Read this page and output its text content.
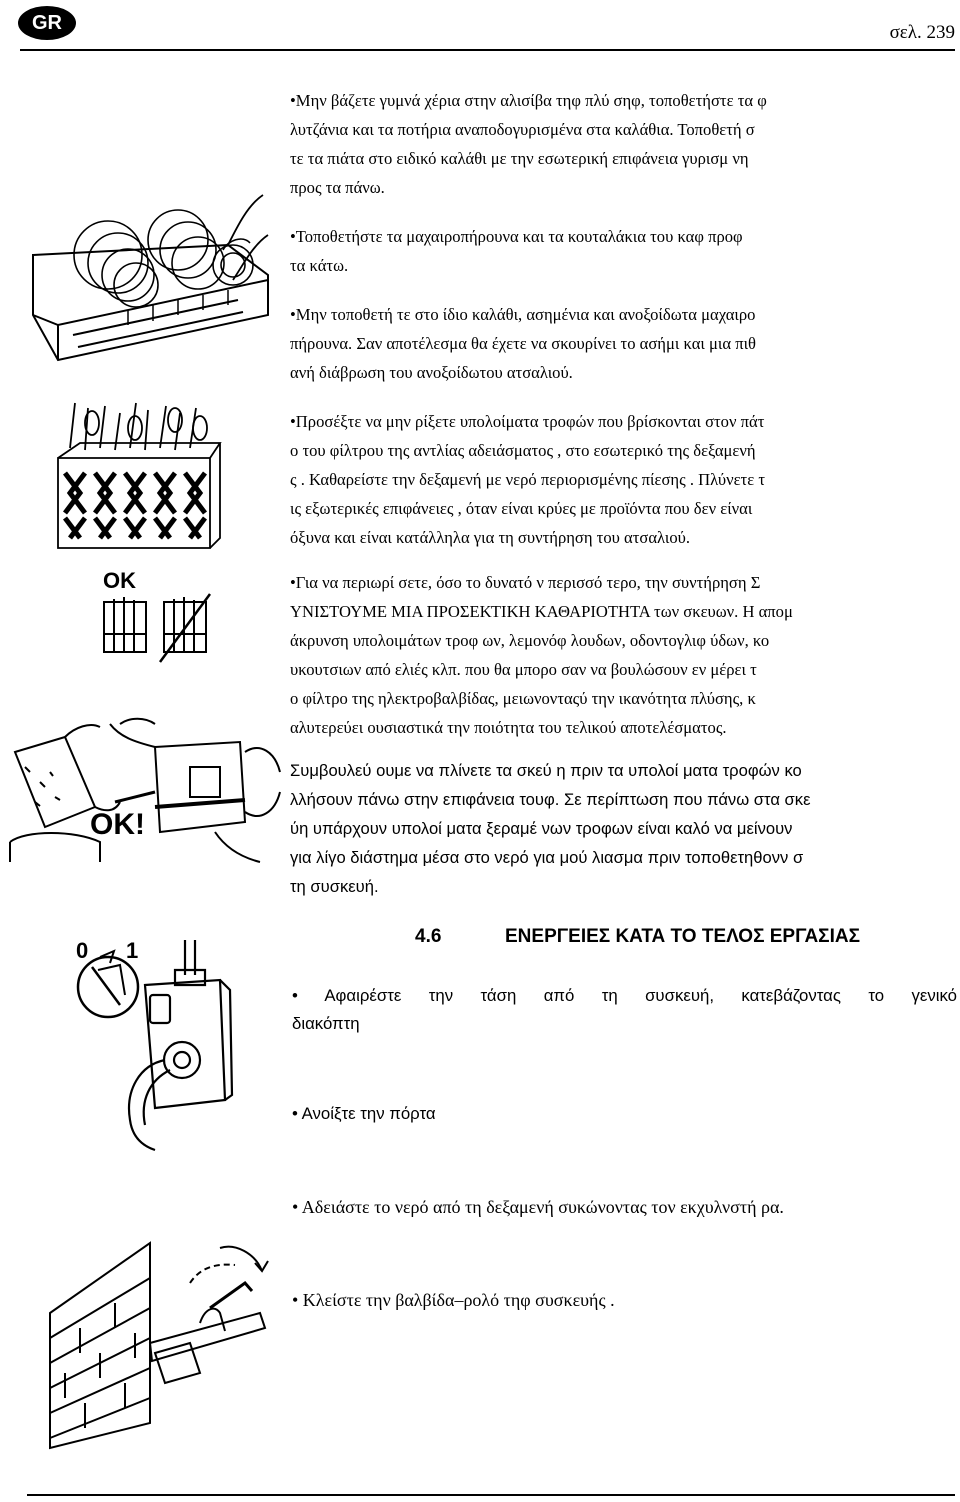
GR	σελ. 239
•Μην βάζετε γυμνά χέρια στην αλισίβα τηφ πλύ σηφ, τοποθετήστε τα φ
λυτζάνια και τα ποτήρια αναποδογυρισμένα στα καλάθια. Τοποθετή σ
τε τα πιάτα στο ειδικό καλάθι με την εσωτερική επιφάνεια γυρισμ νη
προς τα πάνω.
•Τοποθετήστε τα μαχαιροπήρουνα και τα κουταλάκια του καφ προφ
τα κάτω.
•Μην τοποθετή τε στο ίδιο καλάθι, ασημένια και ανοξοίδωτα μαχαιρο
πήρουνα. Σαν αποτέλεσμα θα έχετε να σκουρίνει το ασήμι και μια πιθ
ανή διάβρωση του ανοξοίδωτου ατσαλιού.
•Προσέξτε να μην ρίξετε υπολοίματα τροφών που βρίσκονται στον πάτ
ο του φίλτρου της αντλίας αδειάσματος , στο εσωτερικό της δεξαμενή
ς . Καθαρείστε την δεξαμενή με νερό περιορισμένης πίεσης . Πλύνετε τ
ις εξωτερικές επιφάνειες , όταν είναι κρύες με προϊόντα που δεν είναι
όξυνα και είναι κατάλληλα για τη συντήρηση του ατσαλιού.
•Για να περιωρί σετε, όσο το δυνατό ν περισσό τερο, την συντήρηση Σ
ΥΝΙΣΤΟΥΜΕ ΜΙΑ ΠΡΟΣΕΚΤΙΚΗ ΚΑΘΑΡΙΟΤΗΤΑ των σκευων. Η απομ
άκρυνση υπολοιμάτων τροφ ων, λεμονόφ λουδων, οδοντογλιφ ύδων, κο
υκουτσιων από ελιές κλπ. που θα μπορο σαν να βουλώσουν εν μέρει τ
ο φίλτρο της ηλεκτροβαλβίδας, μειωνονταςύ την ικανότητα πλύσης, κ
αλυτερεύει ουσιαστικά την ποιότητα του τελικού αποτελέσματος.
Συμβουλεύ ουμε να πλίνετε τα σκεύ η πριν τα υπολοί ματα τροφών κο
λλήσουν πάνω στην επιφάνεια τουφ. Σε περίπτωση που πάνω στα σκε
ύη υπάρχουν υπολοί ματα ξεραμέ νων τροφων είναι καλό να μείνουν
για λίγο διάστημα μέσα στο νερό για μού λιασμα πριν τοποθετηθονν σ
τη συσκευή.
4.6	ΕΝΕΡΓΕΙΕΣ ΚΑΤΑ ΤΟ ΤΕΛΟΣ ΕΡΓΑΣΙΑΣ
• Αφαιρέστε την τάση από τη συσκευή, κατεβάζοντας το γενικό
διακόπτη
• Ανοίξτε την πόρτα
• Αδειάστε το νερό από τη δεξαμενή συκώνοντας τον εκχυλνστή ρα.
• Κλείστε την βαλβίδα–ρολό τηφ συσκευής .
OK
OK!
0 1
